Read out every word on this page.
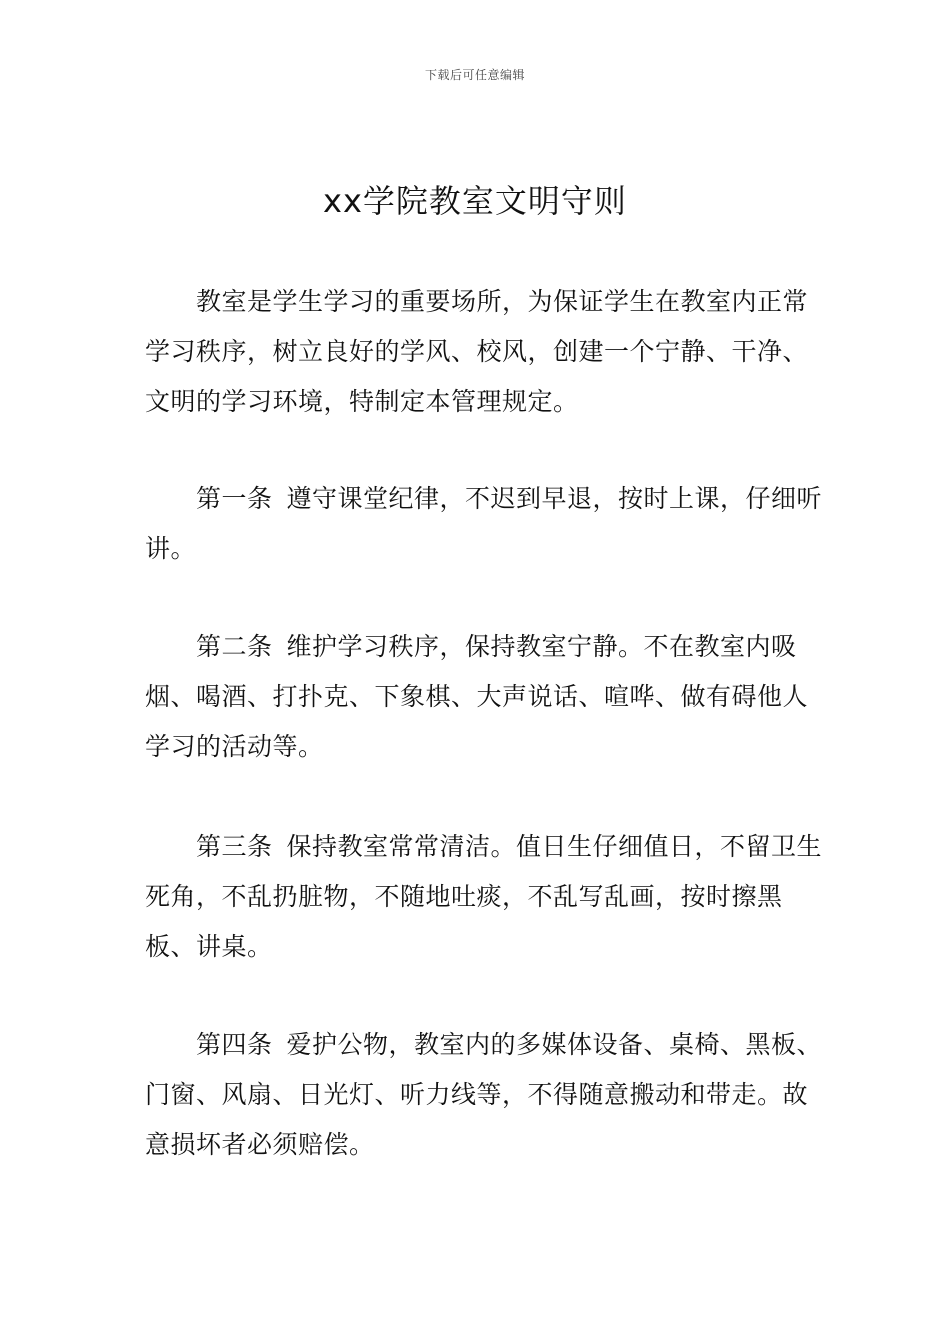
下载后可任意编辑
xx学院教室文明守则

教室是学生学习的重要场所，为保证学生在教室内正常学习秩序，树立良好的学风、校风，创建一个宁静、干净、文明的学习环境，特制定本管理规定。

第一条 遵守课堂纪律，不迟到早退，按时上课，仔细听讲。

第二条 维护学习秩序，保持教室宁静。不在教室内吸烟、喝酒、打扑克、下象棋、大声说话、喧哗、做有碍他人学习的活动等。

第三条 保持教室常常清洁。值日生仔细值日，不留卫生死角，不乱扔脏物，不随地吐痰，不乱写乱画，按时擦黑板、讲桌。

第四条 爱护公物，教室内的多媒体设备、桌椅、黑板、门窗、风扇、日光灯、听力线等，不得随意搬动和带走。故意损坏者必须赔偿。
